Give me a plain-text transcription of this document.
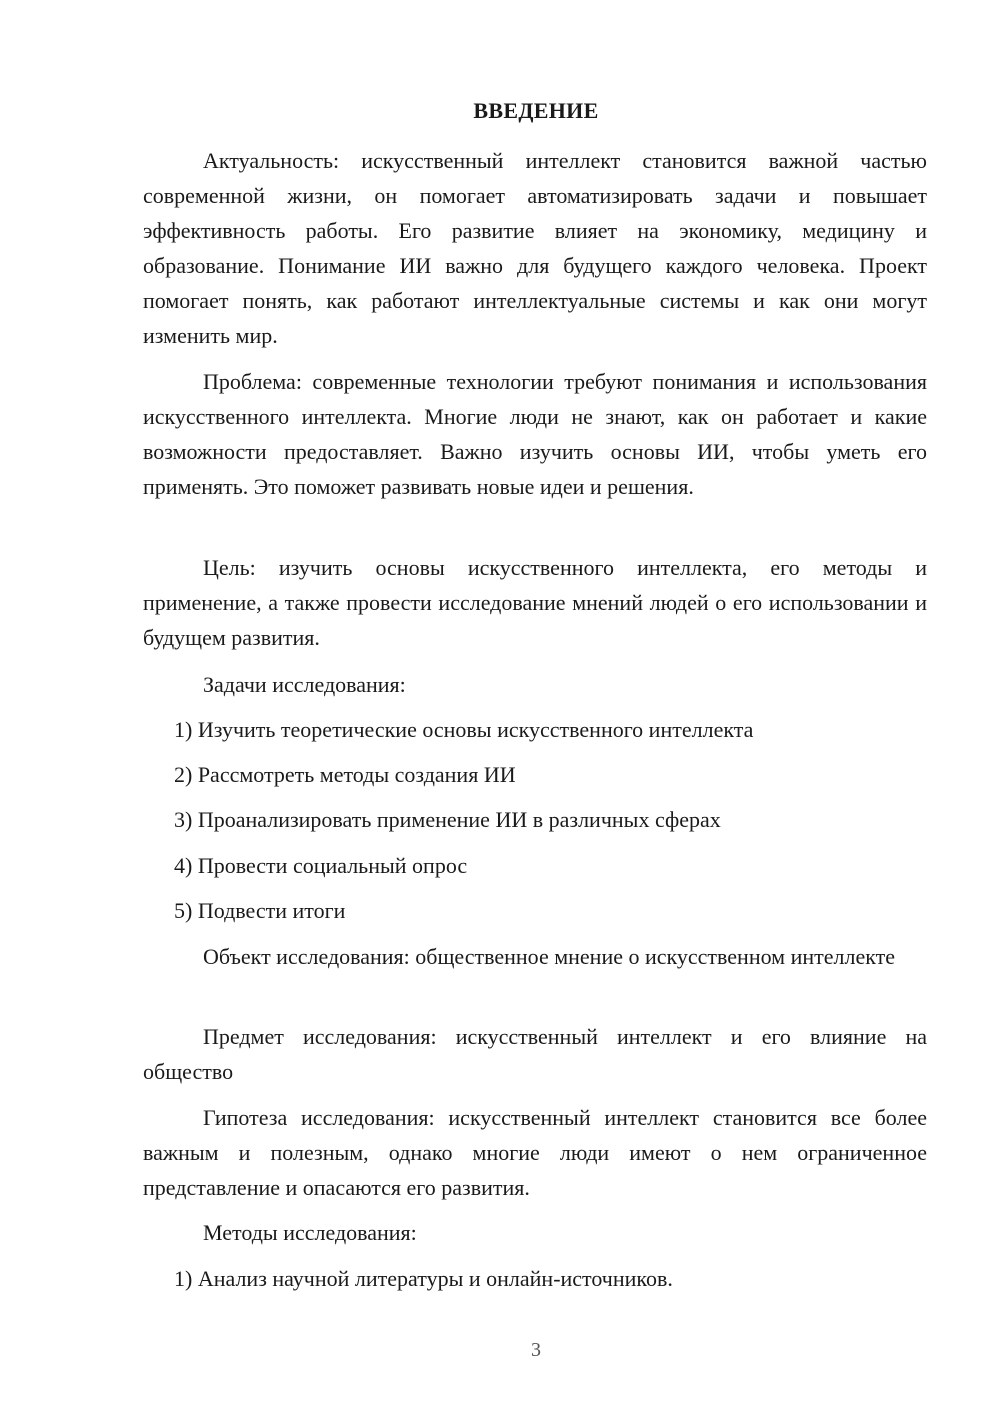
ВВЕДЕНИЕ

Актуальность: искусственный интеллект становится важной частью современной жизни, он помогает автоматизировать задачи и повышает эффективность работы. Его развитие влияет на экономику, медицину и образование. Понимание ИИ важно для будущего каждого человека. Проект помогает понять, как работают интеллектуальные системы и как они могут изменить мир.

Проблема: современные технологии требуют понимания и использования искусственного интеллекта. Многие люди не знают, как он работает и какие возможности предоставляет. Важно изучить основы ИИ, чтобы уметь его применять. Это поможет развивать новые идеи и решения.

Цель: изучить основы искусственного интеллекта, его методы и применение, а также провести исследование мнений людей о его использовании и будущем развития.

Задачи исследования:

1) Изучить теоретические основы искусственного интеллекта

2) Рассмотреть методы создания ИИ

3) Проанализировать применение ИИ в различных сферах

4) Провести социальный опрос

5) Подвести итоги

Объект исследования: общественное мнение о искусственном интеллекте

Предмет исследования: искусственный интеллект и его влияние на общество

Гипотеза исследования: искусственный интеллект становится все более важным и полезным, однако многие люди имеют о нем ограниченное представление и опасаются его развития.

Методы исследования:

1) Анализ научной литературы и онлайн-источников.

3
